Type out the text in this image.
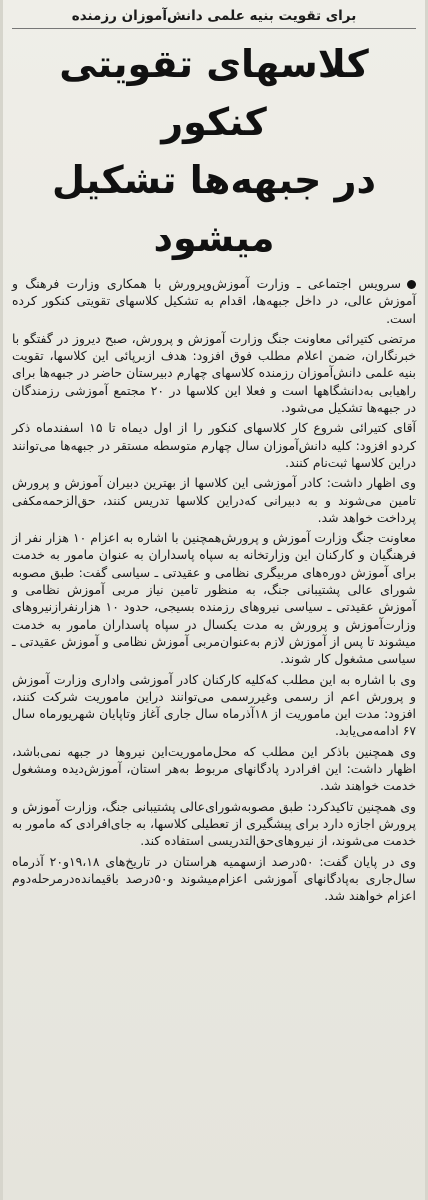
برای تقویت بنیه علمی دانش‌آموزان رزمنده
کلاسهای تقویتی کنکور
در جبهه‌ها تشکیل میشود

سرویس اجتماعی ـ وزارت آموزش‌وپرورش با همکاری وزارت فرهنگ و آموزش عالی، در داخل جبهه‌ها، اقدام به تشکیل کلاسهای تقویتی کنکور کرده است.

مرتضی کتیرائی معاونت جنگ وزارت آموزش و پرورش، صبح دیروز در گفتگو با خبرنگاران، ضمن اعلام مطلب فوق افزود: هدف ازبرپائی این کلاسها، تقویت بنیه علمی دانش‌آموزان رزمنده کلاسهای چهارم دبیرستان حاضر در جبهه‌ها برای راهیابی به‌دانشگاهها است و فعلا این کلاسها در ۲۰ مجتمع آموزشی رزمندگان در جبهه‌ها تشکیل می‌شود.

آقای کتیرائی شروع کار کلاسهای کنکور را از اول دیماه تا ۱۵ اسفندماه ذکر کردو افزود: کلیه دانش‌آموزان سال چهارم متوسطه مستقر در جبهه‌ها می‌توانند دراین کلاسها ثبت‌نام کنند.

وی اظهار داشت: کادر آموزشی این کلاسها از بهترین دبیران آموزش و پرورش تامین می‌شوند و به دبیرانی که‌دراین کلاسها تدریس کنند، حق‌الزحمه‌مکفی پرداخت خواهد شد.

معاونت جنگ وزارت آموزش و پرورش‌همچنین با اشاره به اعزام ۱۰ هزار نفر از فرهنگیان و کارکنان این وزارتخانه به سپاه پاسداران به عنوان مامور به خدمت برای آموزش دوره‌های مربیگری نظامی و عقیدتی ـ سیاسی گفت: طبق مصوبه شورای عالی پشتیبانی جنگ، به منظور تامین نیاز مربی آموزش نظامی و آموزش عقیدتی ـ سیاسی نیروهای رزمنده بسیجی، حدود ۱۰ هزارنفرازنیروهای وزارت‌آموزش و پرورش به مدت یکسال در سپاه پاسداران مامور به خدمت میشوند تا پس از آموزش لازم به‌عنوان‌مربی آموزش نظامی و آموزش عقیدتی ـ سیاسی مشغول کار شوند.

وی با اشاره به این مطلب که‌کلیه کارکنان کادر آموزشی واداری وزارت آموزش و پرورش اعم از رسمی وغیررسمی می‌توانند دراین ماموریت شرکت کنند، افزود: مدت این ماموریت از ۱۸آذرماه سال جاری آغاز وتاپایان شهریورماه سال ۶۷ ادامه‌می‌یابد.

وی همچنین باذکر این مطلب که محل‌ماموریت‌این نیروها در جبهه نمی‌باشد، اظهار داشت: این افرادرد پادگانهای مربوط به‌هر استان، آموزش‌دیده ومشغول خدمت خواهند شد.

وی همچنین تاکیدکرد: طبق مصوبه‌شورای‌عالی پشتیبانی جنگ، وزارت آموزش و پرورش اجازه دارد برای پیشگیری از تعطیلی کلاسها، به جای‌افرادی که مامور به خدمت می‌شوند، از نیروهای‌حق‌التدریسی استفاده کند.

وی در پایان گفت: ۵۰درصد ازسهمیه هراستان در تاریخ‌های ۱۹،۱۸و۲۰ آذرماه سال‌جاری به‌پادگانهای آموزشی اعزام‌میشوند و۵۰درصد باقیمانده‌درمرحله‌دوم اعزام خواهند شد.
